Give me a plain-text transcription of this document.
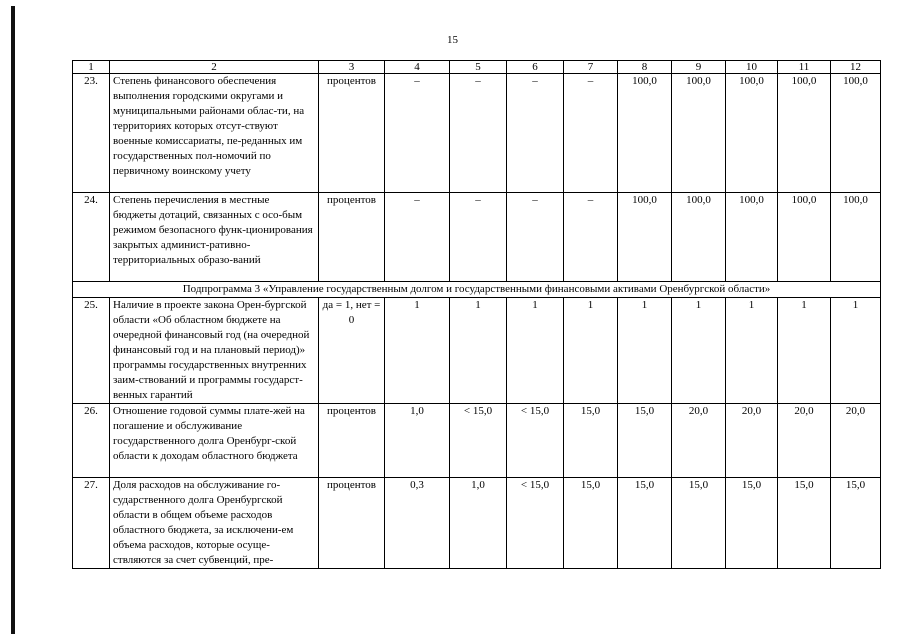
15
1	2	3	4	5	6	7	8	9	10	11	12
23.	Степень финансового обеспечения выполнения городскими округами и муниципальными районами облас-ти, на территориях которых отсут-ствуют военные комиссариаты, пе-реданных им государственных пол-номочий по первичному воинскому учету	процентов	–	–	–	–	100,0	100,0	100,0	100,0	100,0
24.	Степень перечисления в местные бюджеты дотаций, связанных с осо-бым режимом безопасного функ-ционирования закрытых админист-ративно-территориальных образо-ваний	процентов	–	–	–	–	100,0	100,0	100,0	100,0	100,0
Подпрограмма 3 «Управление государственным долгом и государственными финансовыми активами Оренбургской области»											
25.	Наличие в проекте закона Орен-бургской области «Об областном бюджете на очередной финансовый год (на очередной финансовый год и на плановый период)» программы государственных внутренних заим-ствований и программы государст-венных гарантий	да = 1, нет = 0	1	1	1	1	1	1	1	1	1
26.	Отношение годовой суммы плате-жей на погашение и обслуживание государственного долга Оренбург-ской области к доходам областного бюджета	процентов	1,0	< 15,0	< 15,0	15,0	15,0	20,0	20,0	20,0	20,0
27.	Доля расходов на обслуживание го-сударственного долга Оренбургской области в общем объеме расходов областного бюджета, за исключени-ем объема расходов, которые осуще-ствляются за счет субвенций, пре-	процентов	0,3	1,0	< 15,0	15,0	15,0	15,0	15,0	15,0	15,0
